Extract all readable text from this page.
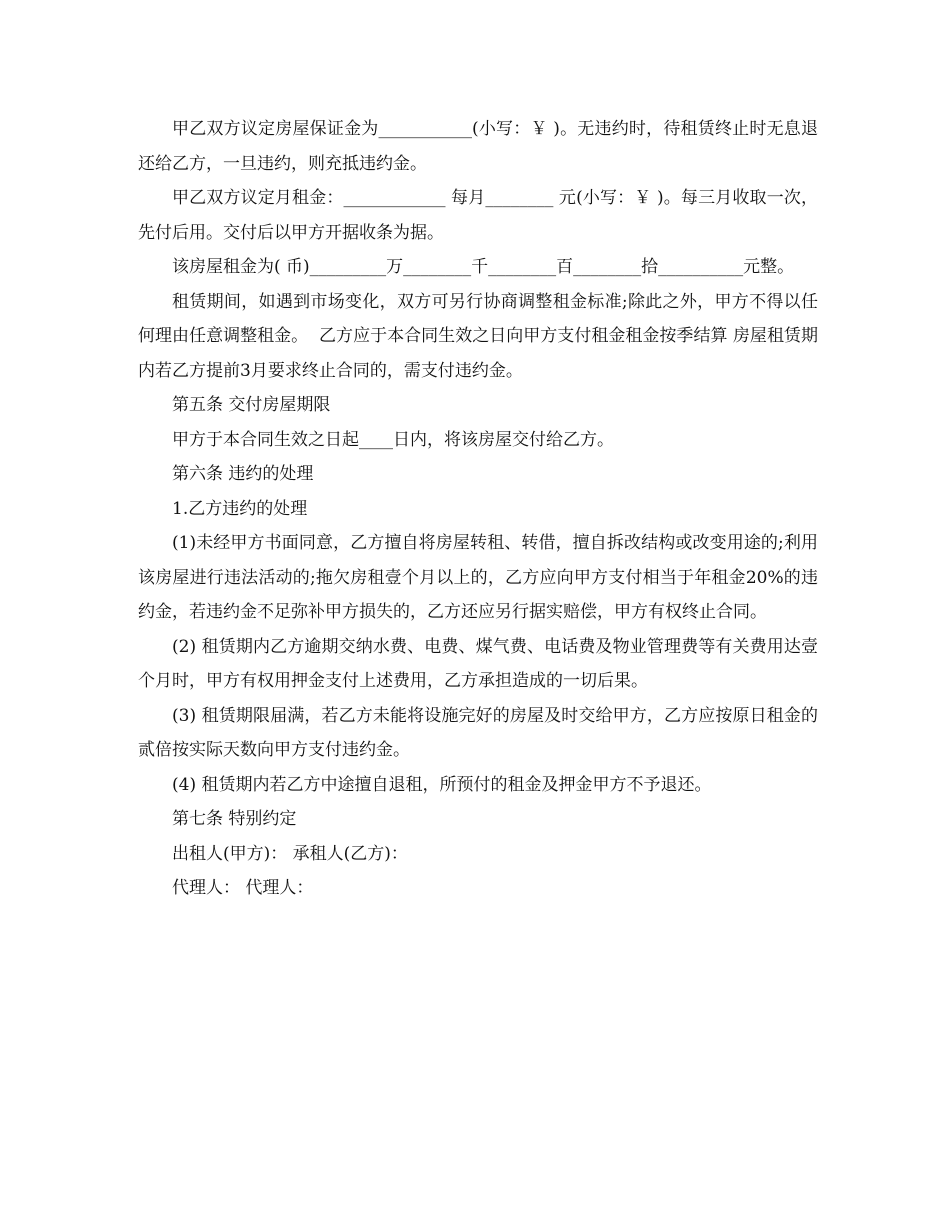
甲乙双方议定房屋保证金为___________(小写：￥ )。无违约时，待租赁终止时无息退还给乙方，一旦违约，则充抵违约金。

甲乙双方议定月租金：____________ 每月________ 元(小写：￥ )。每三月收取一次，先付后用。交付后以甲方开据收条为据。

该房屋租金为( 币)_________万________千________百________拾__________元整。

租赁期间，如遇到市场变化，双方可另行协商调整租金标准;除此之外，甲方不得以任何理由任意调整租金。  乙方应于本合同生效之日向甲方支付租金租金按季结算 房屋租赁期内若乙方提前3月要求终止合同的，需支付违约金。

第五条 交付房屋期限

甲方于本合同生效之日起____日内，将该房屋交付给乙方。

第六条 违约的处理

1.乙方违约的处理

(1)未经甲方书面同意，乙方擅自将房屋转租、转借，擅自拆改结构或改变用途的;利用该房屋进行违法活动的;拖欠房租壹个月以上的，乙方应向甲方支付相当于年租金20%的违约金，若违约金不足弥补甲方损失的，乙方还应另行据实赔偿，甲方有权终止合同。

(2) 租赁期内乙方逾期交纳水费、电费、煤气费、电话费及物业管理费等有关费用达壹个月时，甲方有权用押金支付上述费用，乙方承担造成的一切后果。

(3) 租赁期限届满，若乙方未能将设施完好的房屋及时交给甲方，乙方应按原日租金的贰倍按实际天数向甲方支付违约金。

(4) 租赁期内若乙方中途擅自退租，所预付的租金及押金甲方不予退还。

第七条 特别约定

出租人(甲方)： 承租人(乙方)：

代理人： 代理人：
